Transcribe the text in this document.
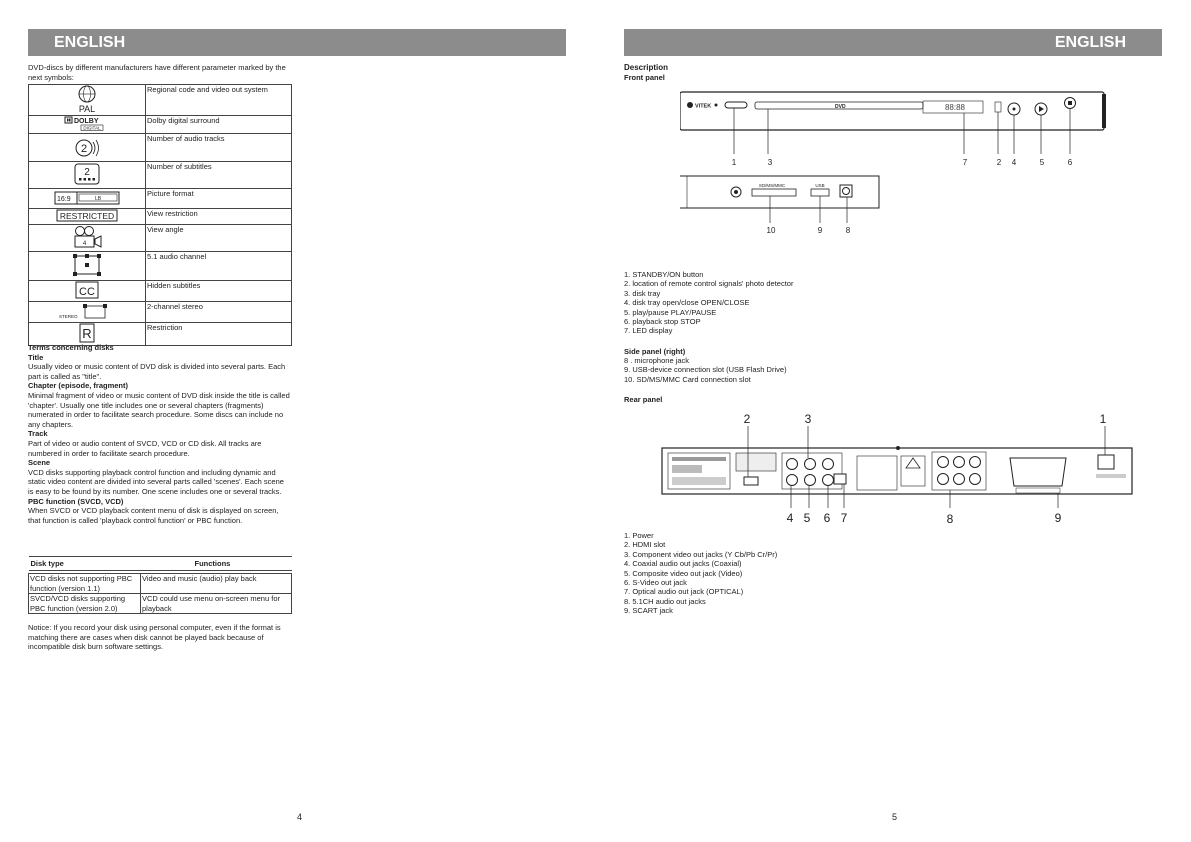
ENGLISH
DVD-discs by different manufacturers have different parameter marked by the next symbols:
PAL	Regional code and video out system

DOLBY
DIGITAL	Dolby digital surround

2	Number of audio tracks

2	Number of subtitles

16:9 LB	Picture format

RESTRICTED	View restriction

4	View angle
	5.1 audio channel

CC	Hidden subtitles

STEREO	2-channel stereo

R	Restriction
Terms concerning disks
Title
Usually video or music content of DVD disk is divided into several parts. Each part is called as "title".
Chapter (episode, fragment)
Minimal fragment of video or music content of DVD disk inside the title is called 'chapter'. Usually one title includes one or several chapters (fragments) numerated in order to facilitate search procedure. Some discs can include no any chapters.
Track
Part of video or audio content of SVCD, VCD or CD disk. All tracks are numbered in order to facilitate search procedure.
Scene
VCD disks supporting playback control function and including dynamic and static video content are divided into several parts called 'scenes'. Each scene is easy to be found by its number. One scene includes one or several tracks.
PBC function (SVCD, VCD)
When SVCD or VCD playback content menu of disk is displayed on screen, that function is called 'playback control function' or PBC function.
Disk type	Functions

VCD disks not supporting PBC function (version 1.1)	Video and music (audio) play back
SVCD/VCD disks supporting PBC function (version 2.0)	VCD could use menu on-screen menu for playback
Notice: If you record your disk using personal computer, even if the format is matching there are cases when disk cannot be played back because of incompatible disk burn software settings.
4
ENGLISH
Description
Front panel
VITEK	DVD	88:88
1	3	7	2 4	5	6
SD/MS/MMC	USB
10	9	8
1. STANDBY/ON button
2. location of remote control signals' photo detector
3. disk tray
4. disk tray open/close OPEN/CLOSE
5. play/pause PLAY/PAUSE
6. playback stop STOP
7. LED display
Side panel (right)
8 . microphone jack
9. USB-device connection slot (USB Flash Drive)
10. SD/MS/MMC Card connection slot
Rear panel
2	3	1
4 5 6 7	8	9
1. Power
2. HDMI slot
3. Component video out jacks (Y Cb/Pb Cr/Pr)
4. Coaxial audio out jacks (Coaxial)
5. Composite video out jack (Video)
6. S-Video out jack
7. Optical audio out jack (OPTICAL)
8. 5.1CH audio out jacks
9. SCART jack
5
